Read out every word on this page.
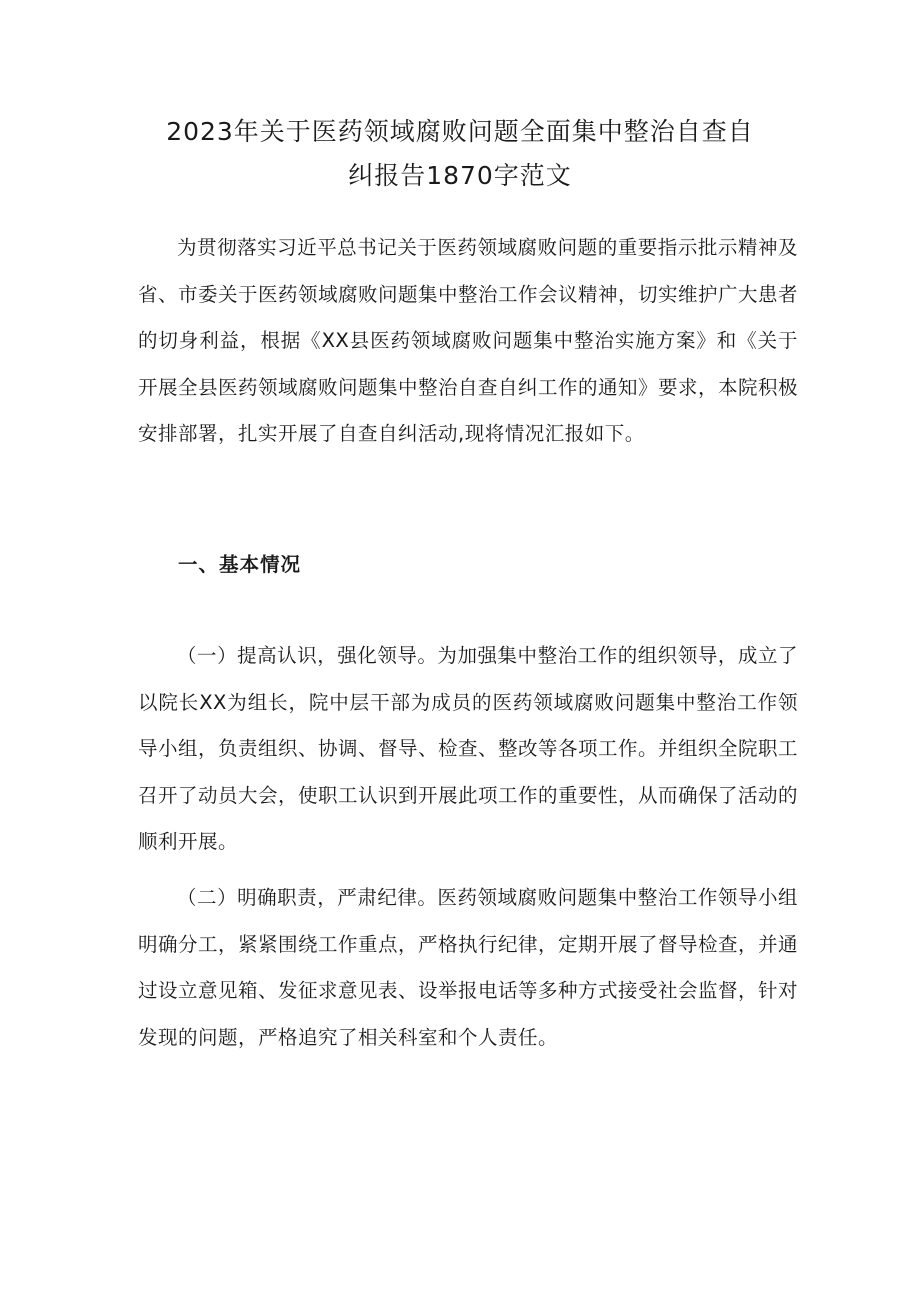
2023年关于医药领域腐败问题全面集中整治自查自
纠报告1870字范文
为贯彻落实习近平总书记关于医药领域腐败问题的重要指示批示精神及省、市委关于医药领域腐败问题集中整治工作会议精神，切实维护广大患者的切身利益，根据《XX县医药领域腐败问题集中整治实施方案》和《关于开展全县医药领域腐败问题集中整治自查自纠工作的通知》要求，本院积极安排部署，扎实开展了自查自纠活动,现将情况汇报如下。
一、基本情况
（一）提高认识，强化领导。为加强集中整治工作的组织领导，成立了以院长XX为组长，院中层干部为成员的医药领域腐败问题集中整治工作领导小组，负责组织、协调、督导、检查、整改等各项工作。并组织全院职工召开了动员大会，使职工认识到开展此项工作的重要性，从而确保了活动的顺利开展。
（二）明确职责，严肃纪律。医药领域腐败问题集中整治工作领导小组明确分工，紧紧围绕工作重点，严格执行纪律，定期开展了督导检查，并通过设立意见箱、发征求意见表、设举报电话等多种方式接受社会监督，针对发现的问题，严格追究了相关科室和个人责任。
